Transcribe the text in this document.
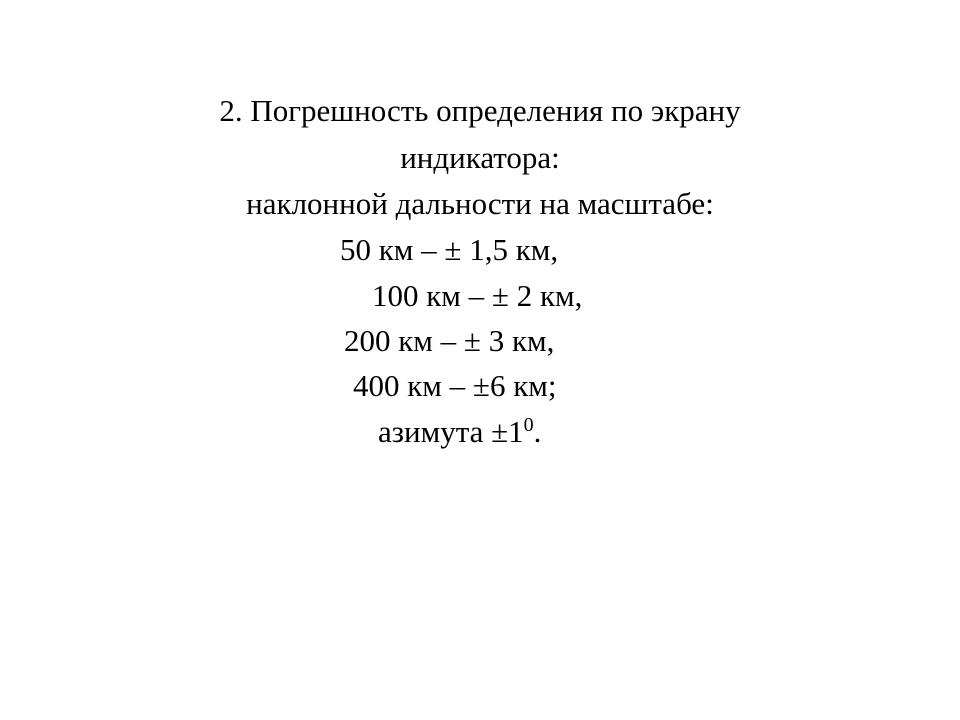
2. Погрешность определения по экрану
индикатора:
наклонной дальности на масштабе:
50 км – ± 1,5 км,
100 км – ± 2 км,
200 км – ± 3 км,
400 км – ±6 км;
азимута $\pm 1^0$.
